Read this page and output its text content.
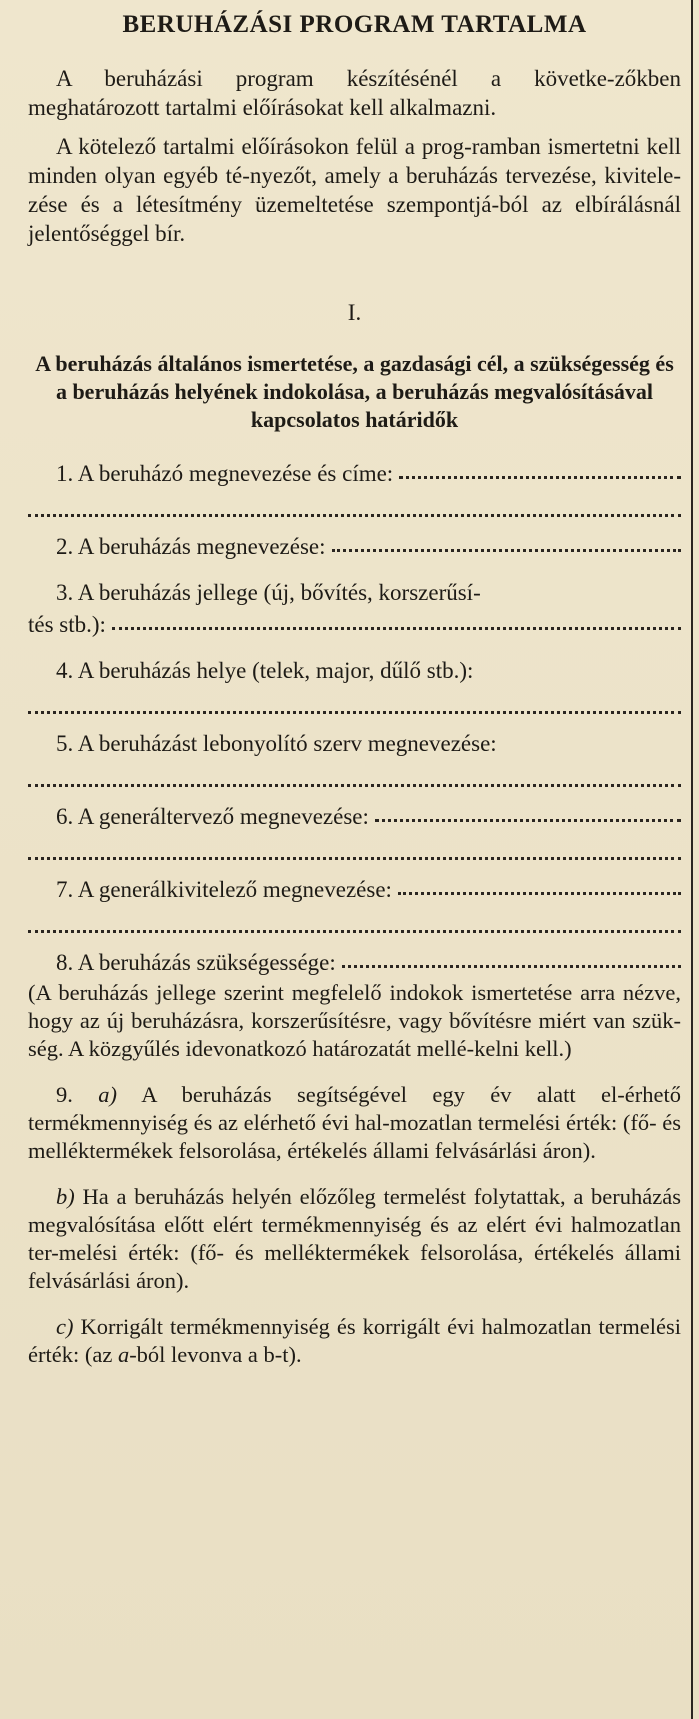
BERUHÁZÁSI PROGRAM TARTALMA

A beruházási program készítésénél a követke-zőkben meghatározott tartalmi előírásokat kell alkalmazni.

A kötelező tartalmi előírásokon felül a prog-ramban ismertetni kell minden olyan egyéb té-nyezőt, amely a beruházás tervezése, kivitele-zése és a létesítmény üzemeltetése szempontjá-ból az elbírálásnál jelentőséggel bír.

I.
A beruházás általános ismertetése, a gazdasági cél, a szükségesség és a beruházás helyének indokolása, a beruházás megvalósításával kapcsolatos határidők
1. A beruházó megnevezése és címe:
2. A beruházás megnevezése:
3. A beruházás jellege (új, bővítés, korszerűsí-
tés stb.):
4. A beruházás helye (telek, major, dűlő stb.):
5. A beruházást lebonyolító szerv megnevezése:
6. A generáltervező megnevezése:
7. A generálkivitelező megnevezése:
8. A beruházás szükségessége:

(A beruházás jellege szerint megfelelő indokok ismertetése arra nézve, hogy az új beruházásra, korszerűsítésre, vagy bővítésre miért van szük-ség. A közgyűlés idevonatkozó határozatát mellé-kelni kell.)

9. a) A beruházás segítségével egy év alatt el-érhető termékmennyiség és az elérhető évi hal-mozatlan termelési érték: (fő- és melléktermékek felsorolása, értékelés állami felvásárlási áron).

b) Ha a beruházás helyén előzőleg termelést folytattak, a beruházás megvalósítása előtt elért termékmennyiség és az elért évi halmozatlan ter-melési érték: (fő- és melléktermékek felsorolása, értékelés állami felvásárlási áron).

c) Korrigált termékmennyiség és korrigált évi halmozatlan termelési érték: (az a-ból levonva a b-t).
